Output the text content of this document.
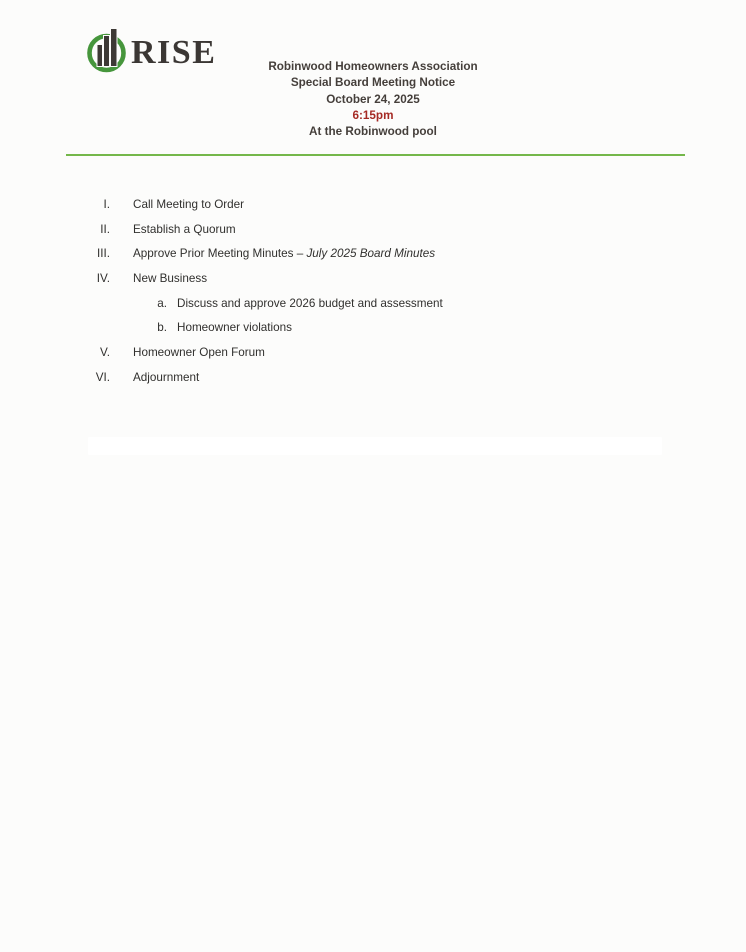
RISE	Robinwood Homeowners Association
Special Board Meeting Notice
October 24, 2025
6:15pm
At the Robinwood pool
I. Call Meeting to Order
II. Establish a Quorum
III. Approve Prior Meeting Minutes – July 2025 Board Minutes
IV. New Business
a. Discuss and approve 2026 budget and assessment
b. Homeowner violations
V. Homeowner Open Forum
VI. Adjournment
